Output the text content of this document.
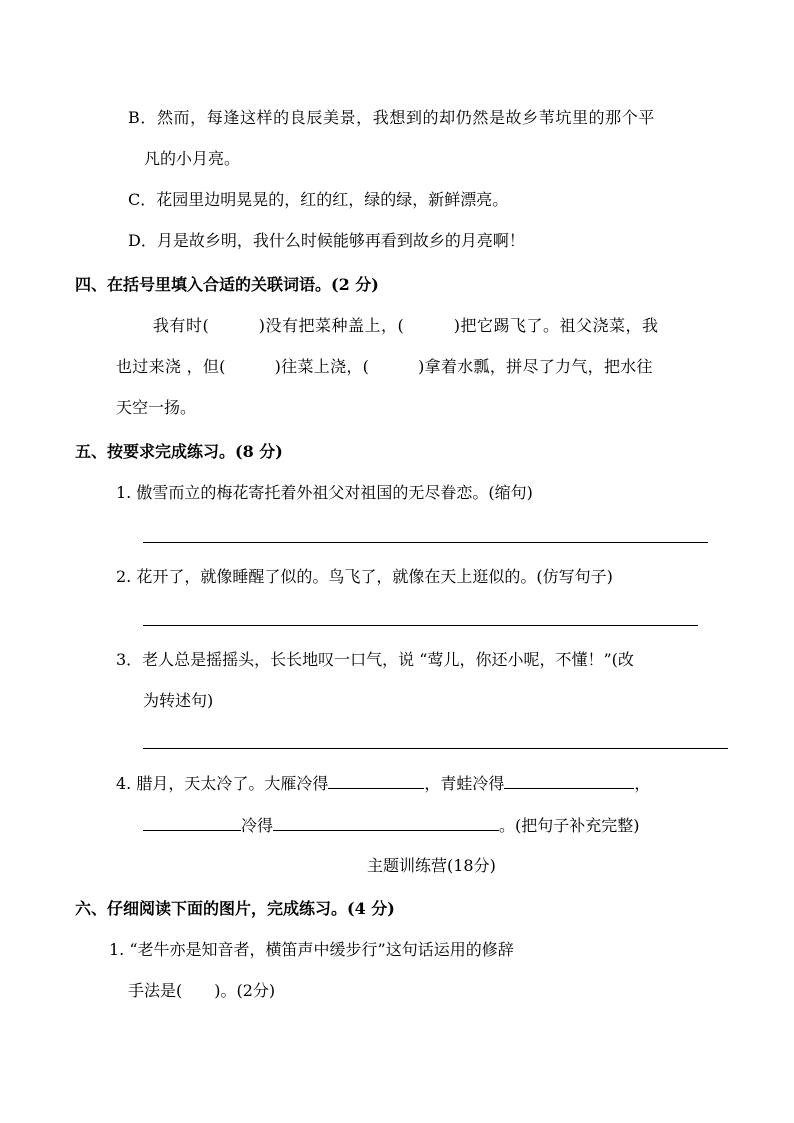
B．然而，每逢这样的良辰美景，我想到的却仍然是故乡苇坑里的那个平
凡的小月亮。
C．花园里边明晃晃的，红的红，绿的绿，新鲜漂亮。
D．月是故乡明，我什么时候能够再看到故乡的月亮啊！
四、在括号里填入合适的关联词语。(2 分)
我有时(　　　)没有把菜种盖上，(　　　)把它踢飞了。祖父浇菜，我
也过来浇 ，但(　　　)往菜上浇，(　　　)拿着水瓢，拼尽了力气，把水往
天空一扬。
五、按要求完成练习。(8 分)
1. 傲雪而立的梅花寄托着外祖父对祖国的无尽眷恋。(缩句)
2. 花开了，就像睡醒了似的。鸟飞了，就像在天上逛似的。(仿写句子)
3．老人总是摇摇头，长长地叹一口气，说 “莺儿，你还小呢，不懂！”(改
为转述句)
4. 腊月，天太冷了。大雁冷得	，青蛙冷得	，
冷得	。(把句子补充完整)
主题训练营(18分)
六、仔细阅读下面的图片，完成练习。(4 分)
1. “老牛亦是知音者，横笛声中缓步行”这句话运用的修辞
手法是(　　)。(2分)
